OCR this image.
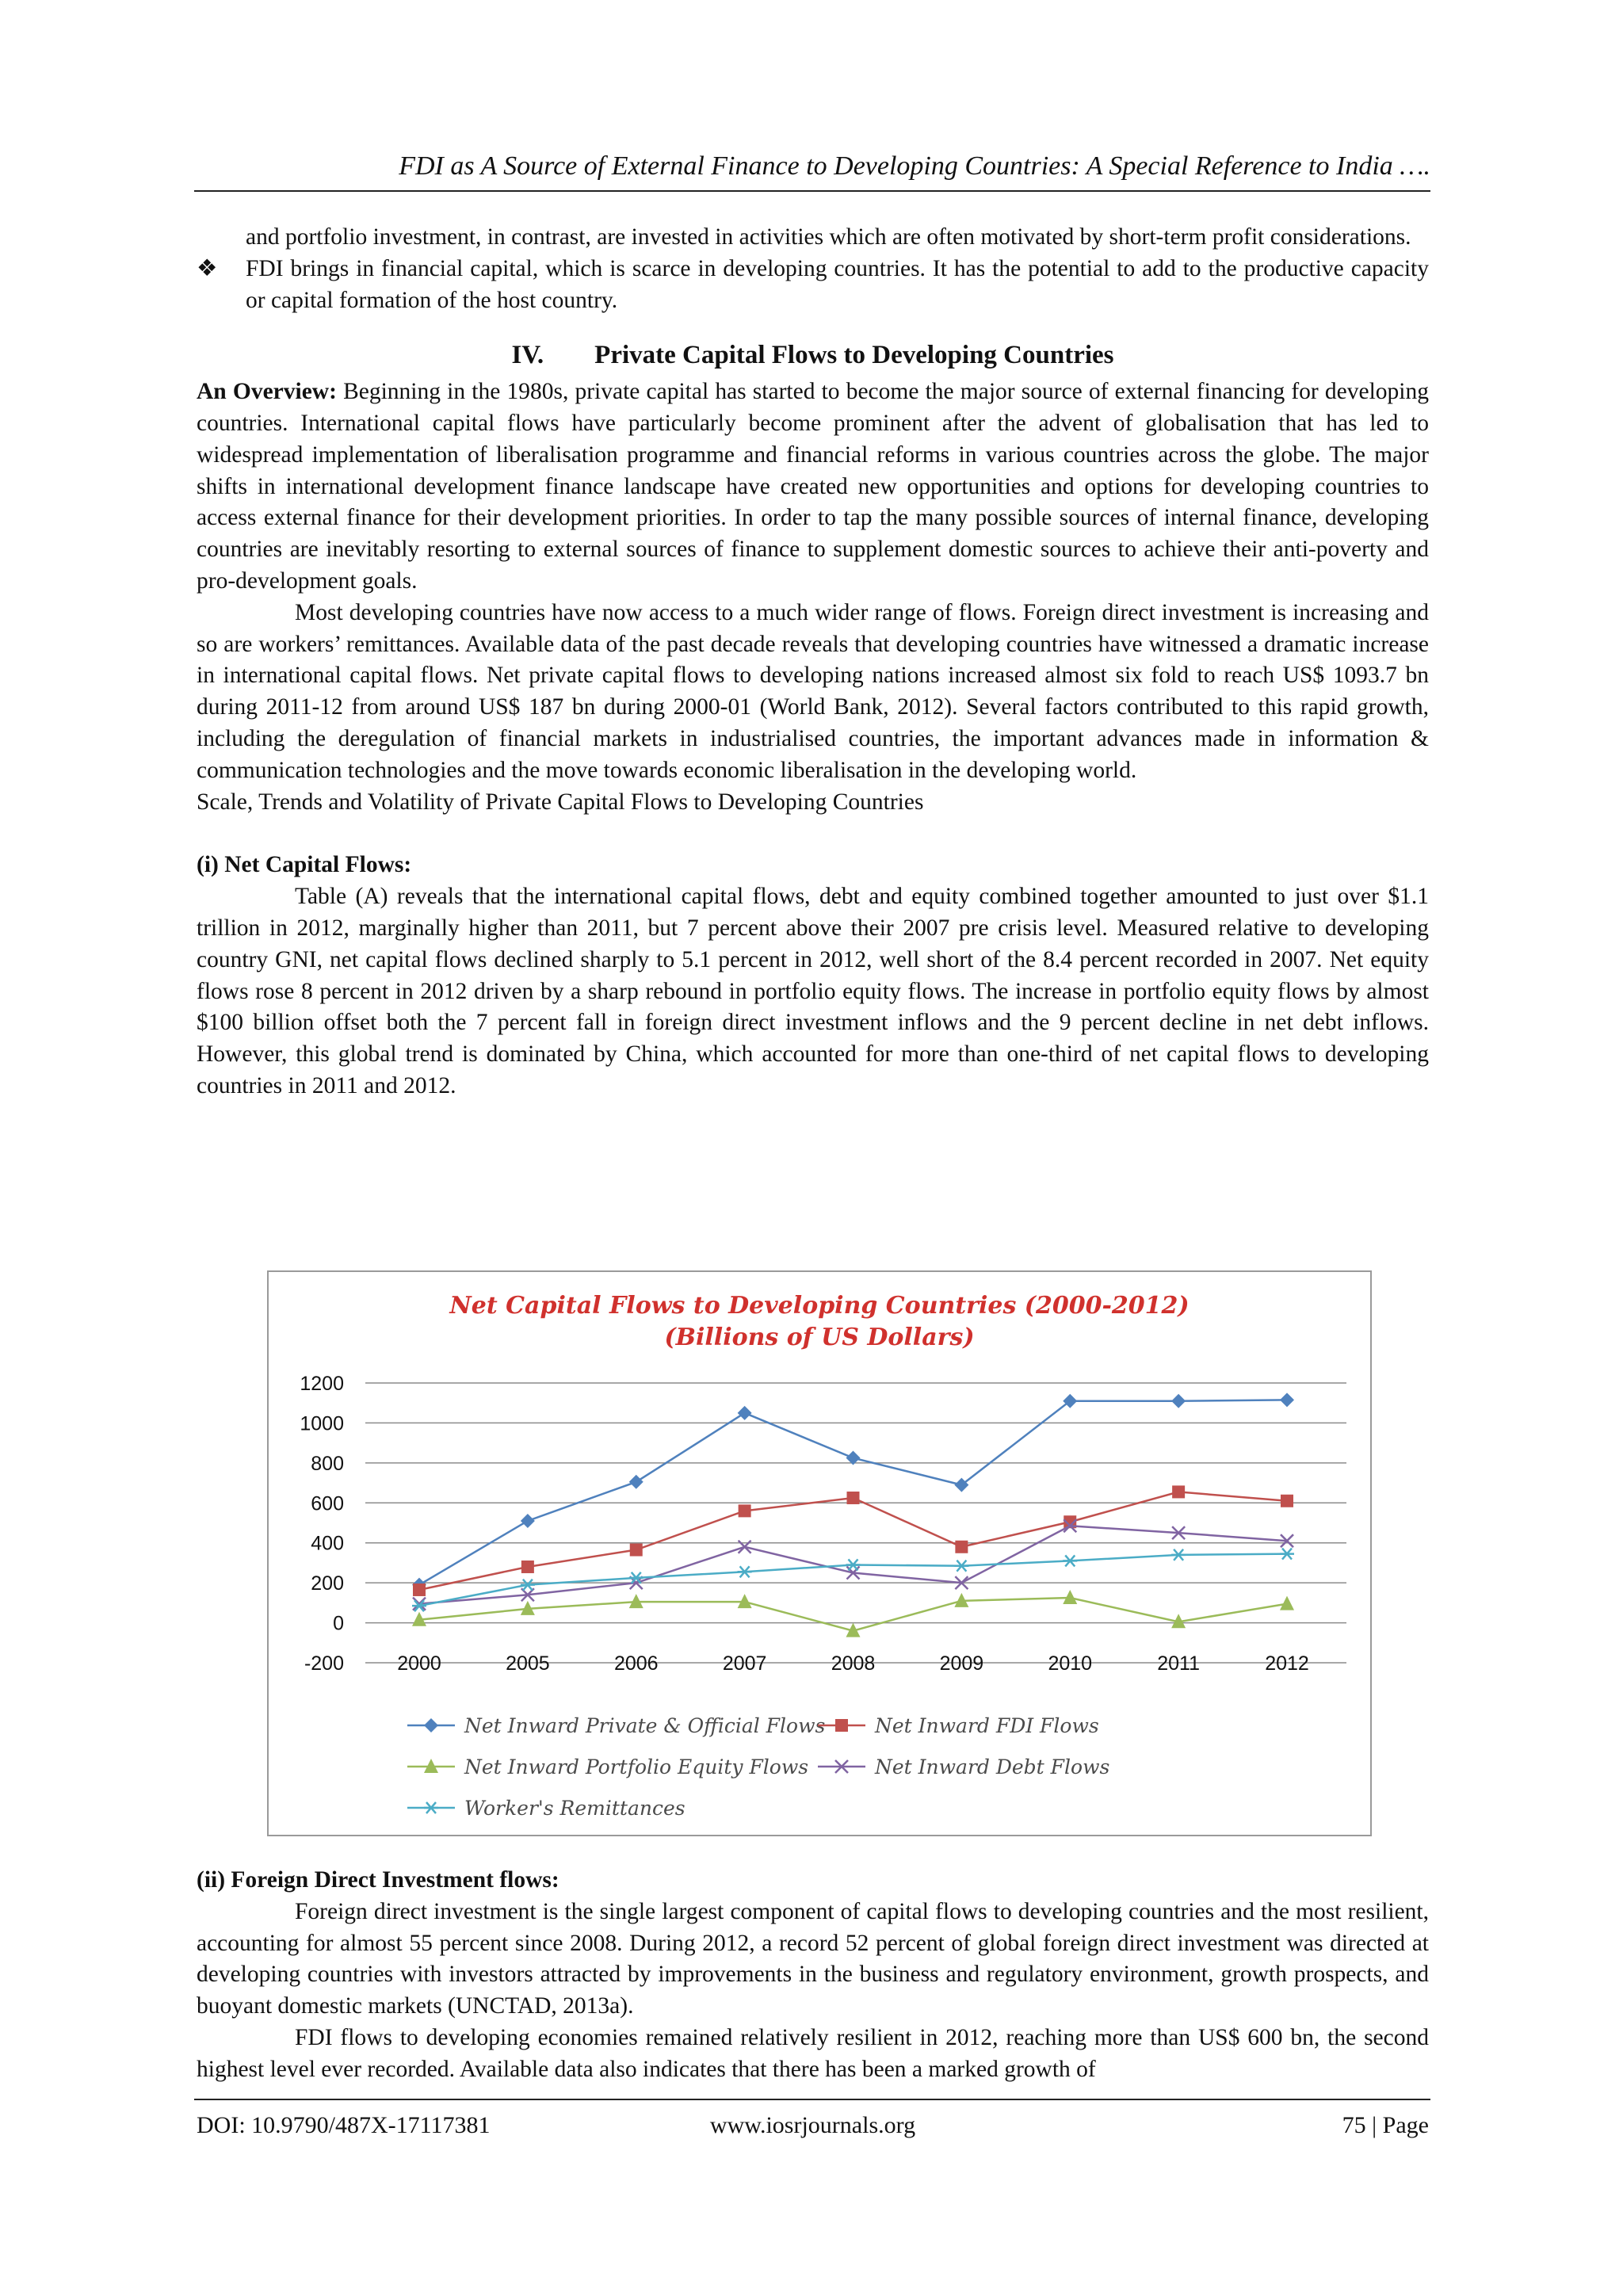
FDI as A Source of External Finance to Developing Countries: A Special Reference to India ….

and portfolio investment, in contrast, are invested in activities which are often motivated by short-term profit considerations.

❖ FDI brings in financial capital, which is scarce in developing countries. It has the potential to add to the productive capacity or capital formation of the host country.

IV. Private Capital Flows to Developing Countries

An Overview: Beginning in the 1980s, private capital has started to become the major source of external financing for developing countries. International capital flows have particularly become prominent after the advent of globalisation that has led to widespread implementation of liberalisation programme and financial reforms in various countries across the globe. The major shifts in international development finance landscape have created new opportunities and options for developing countries to access external finance for their development priorities. In order to tap the many possible sources of internal finance, developing countries are inevitably resorting to external sources of finance to supplement domestic sources to achieve their anti-poverty and pro-development goals.

Most developing countries have now access to a much wider range of flows. Foreign direct investment is increasing and so are workers’ remittances. Available data of the past decade reveals that developing countries have witnessed a dramatic increase in international capital flows. Net private capital flows to developing nations increased almost six fold to reach US$ 1093.7 bn during 2011-12 from around US$ 187 bn during 2000-01 (World Bank, 2012). Several factors contributed to this rapid growth, including the deregulation of financial markets in industrialised countries, the important advances made in information & communication technologies and the move towards economic liberalisation in the developing world.

Scale, Trends and Volatility of Private Capital Flows to Developing Countries

(i) Net Capital Flows:

Table (A) reveals that the international capital flows, debt and equity combined together amounted to just over $1.1 trillion in 2012, marginally higher than 2011, but 7 percent above their 2007 pre crisis level. Measured relative to developing country GNI, net capital flows declined sharply to 5.1 percent in 2012, well short of the 8.4 percent recorded in 2007. Net equity flows rose 8 percent in 2012 driven by a sharp rebound in portfolio equity flows. The increase in portfolio equity flows by almost $100 billion offset both the 7 percent fall in foreign direct investment inflows and the 9 percent decline in net debt inflows. However, this global trend is dominated by China, which accounted for more than one-third of net capital flows to developing countries in 2011 and 2012.

Net Capital Flows to Developing Countries (2000-2012)
(Billions of US Dollars)
1200
1000
800
600
400
200
0
-200	2000	2005	2006	2007	2008	2009	2010	2011	2012
Net Inward Private & Official Flows	Net Inward FDI Flows
Net Inward Portfolio Equity Flows	Net Inward Debt Flows
Worker's Remittances

(ii) Foreign Direct Investment flows:

Foreign direct investment is the single largest component of capital flows to developing countries and the most resilient, accounting for almost 55 percent since 2008. During 2012, a record 52 percent of global foreign direct investment was directed at developing countries with investors attracted by improvements in the business and regulatory environment, growth prospects, and buoyant domestic markets (UNCTAD, 2013a).

FDI flows to developing economies remained relatively resilient in 2012, reaching more than US$ 600 bn, the second highest level ever recorded. Available data also indicates that there has been a marked growth of

DOI: 10.9790/487X-17117381	www.iosrjournals.org	75 | Page
